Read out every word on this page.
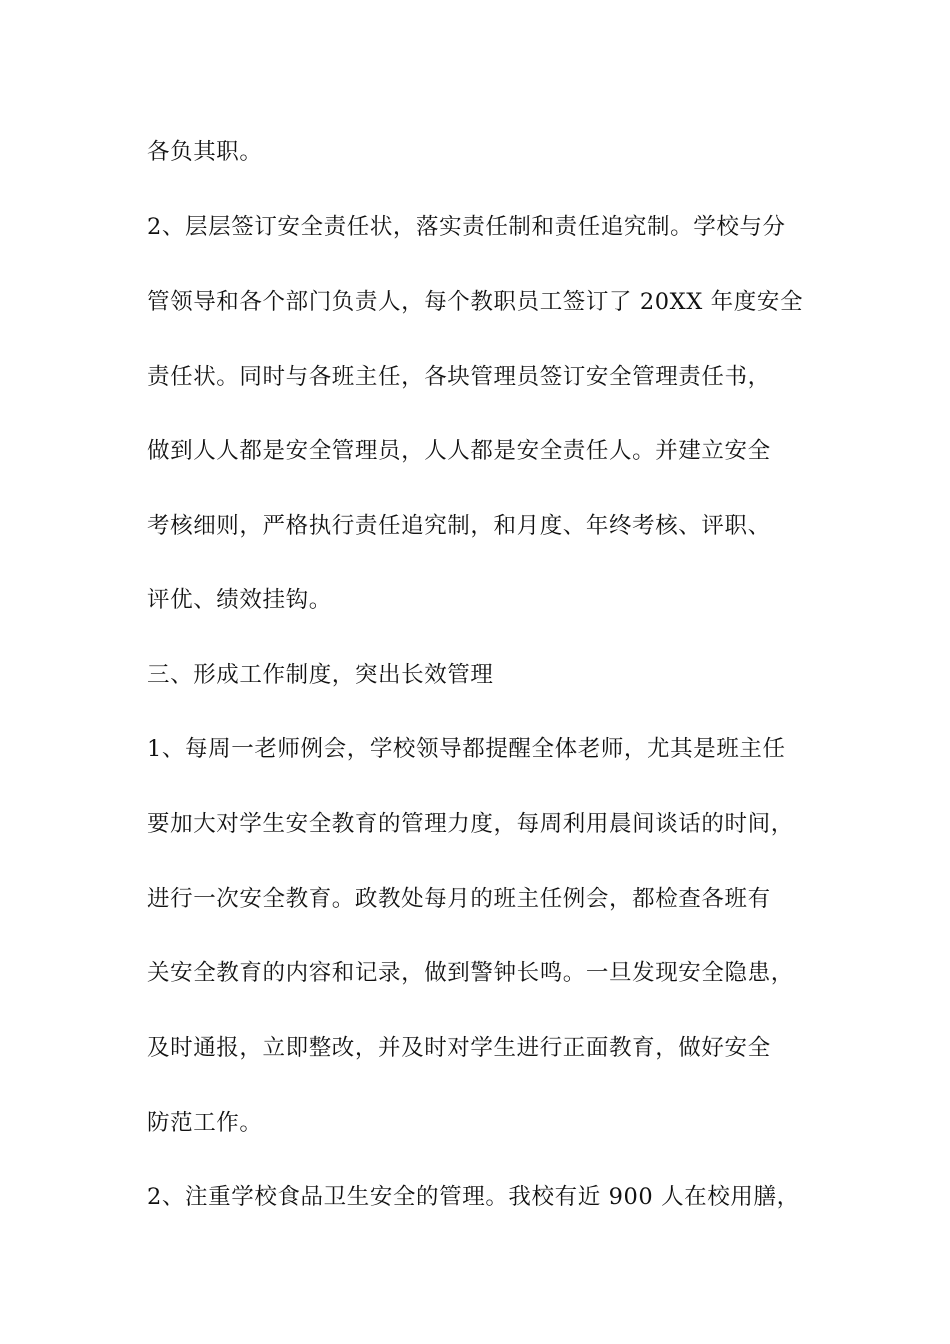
各负其职。
2、层层签订安全责任状，落实责任制和责任追究制。学校与分
管领导和各个部门负责人，每个教职员工签订了 20XX 年度安全
责任状。同时与各班主任，各块管理员签订安全管理责任书，
做到人人都是安全管理员，人人都是安全责任人。并建立安全
考核细则，严格执行责任追究制，和月度、年终考核、评职、
评优、绩效挂钩。
三、形成工作制度，突出长效管理
1、每周一老师例会，学校领导都提醒全体老师，尤其是班主任
要加大对学生安全教育的管理力度，每周利用晨间谈话的时间，
进行一次安全教育。政教处每月的班主任例会，都检查各班有
关安全教育的内容和记录，做到警钟长鸣。一旦发现安全隐患，
及时通报，立即整改，并及时对学生进行正面教育，做好安全
防范工作。
2、注重学校食品卫生安全的管理。我校有近 900 人在校用膳，
